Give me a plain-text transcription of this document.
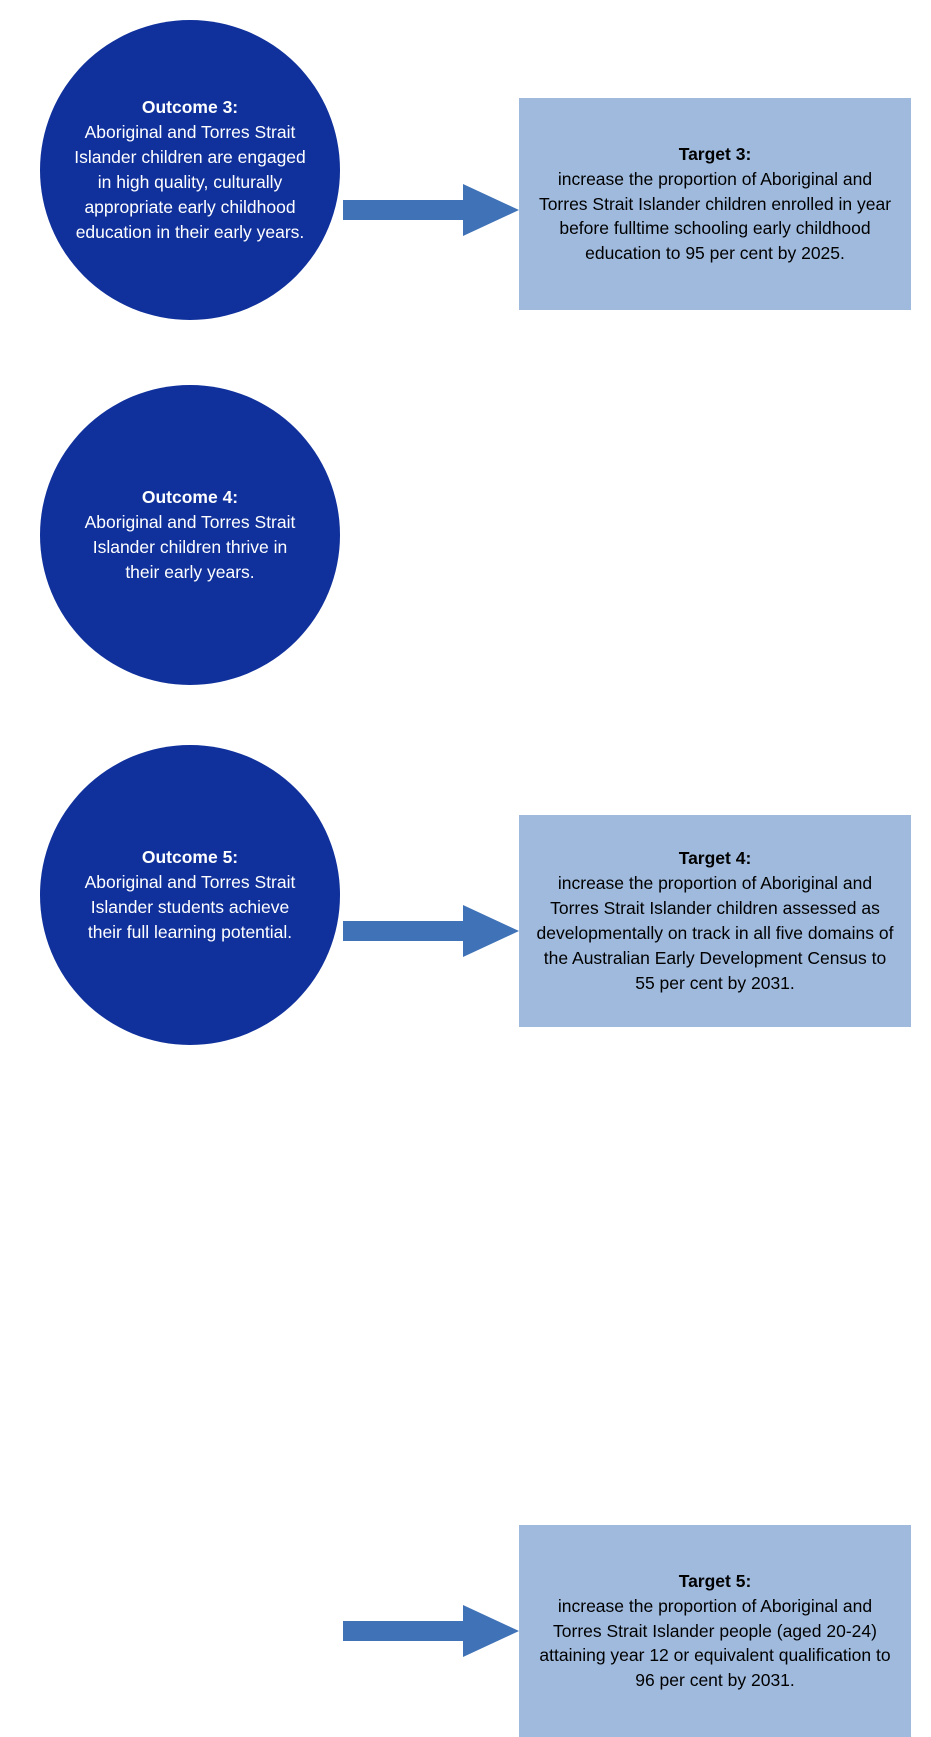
Outcome 3:
Aboriginal and Torres Strait Islander children are engaged in high quality, culturally appropriate early childhood education in their early years.
Target 3:
increase the proportion of Aboriginal and Torres Strait Islander children enrolled in year before fulltime schooling early childhood education to 95 per cent by 2025.
Outcome 4:
Aboriginal and Torres Strait Islander children thrive in their early years.
Target 4:
increase the proportion of Aboriginal and Torres Strait Islander children assessed as developmentally on track in all five domains of the Australian Early Development Census to 55 per cent by 2031.
Outcome 5:
Aboriginal and Torres Strait Islander students achieve their full learning potential.
Target 5:
increase the proportion of Aboriginal and Torres Strait Islander people (aged 20-24) attaining year 12 or equivalent qualification to 96 per cent by 2031.
